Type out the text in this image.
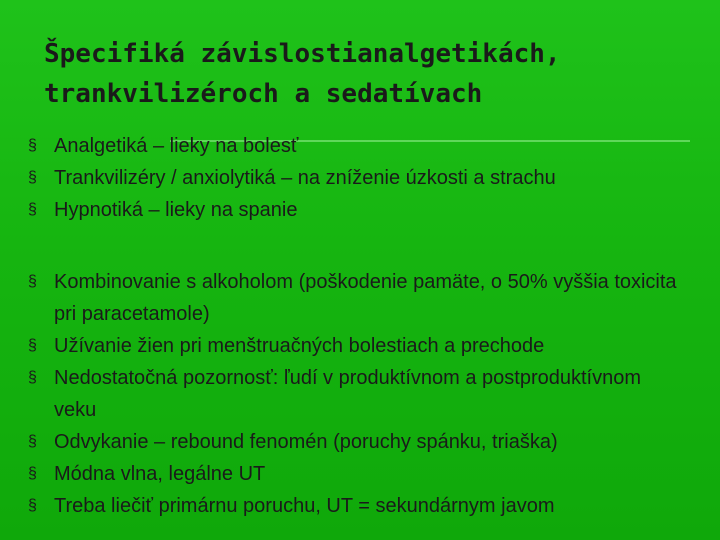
Špecifiká závislostianalgetikách,
trankvilizéroch a sedatívach
§ Analgetiká – lieky na bolesť
§ Trankvilizéry / anxiolytiká – na zníženie úzkosti a strachu
§ Hypnotiká – lieky na spanie
§ Kombinovanie s alkoholom (poškodenie pamäte, o 50% vyššia toxicita pri paracetamole)
§ Užívanie žien pri menštruačných bolestiach a prechode
§ Nedostatočná pozornosť: ľudí v produktívnom a postproduktívnom veku
§ Odvykanie – rebound fenomén (poruchy spánku, triaška)
§ Módna vlna, legálne UT
§ Treba liečiť primárnu poruchu, UT = sekundárnym javom
